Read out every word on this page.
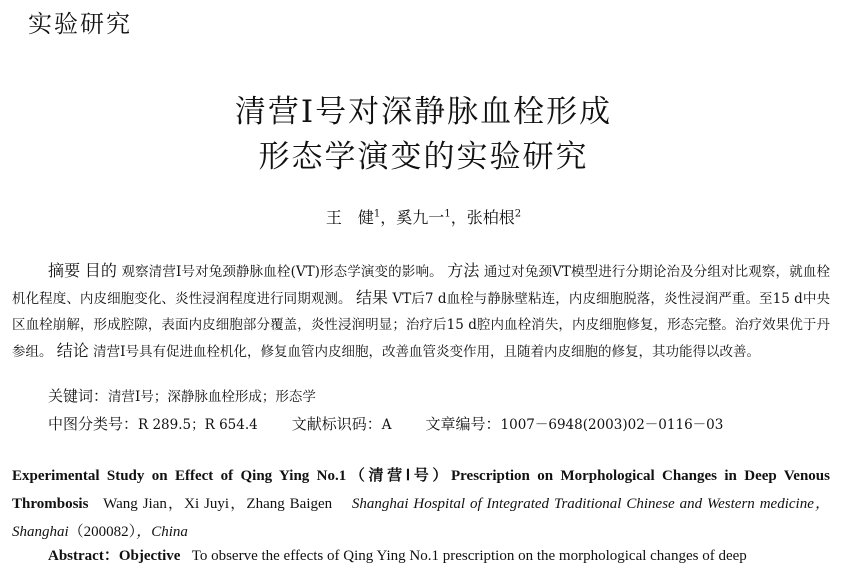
实验研究
清营Ⅰ号对深静脉血栓形成
形态学演变的实验研究
王　健$^1$，奚九一$^1$，张柏根$^2$
摘要 目的 观察清营Ⅰ号对兔颈静脉血栓(VT)形态学演变的影响。 方法 通过对兔颈VT模型进行分期论治及分组对比观察，就血栓机化程度、内皮细胞变化、炎性浸润程度进行同期观测。 结果 VT后7 d血栓与静脉壁粘连，内皮细胞脱落，炎性浸润严重。至15 d中央区血栓崩解，形成腔隙，表面内皮细胞部分覆盖，炎性浸润明显；治疗后15 d腔内血栓消失，内皮细胞修复，形态完整。治疗效果优于丹参组。 结论 清营Ⅰ号具有促进血栓机化，修复血管内皮细胞，改善血管炎变作用，且随着内皮细胞的修复，其功能得以改善。
关键词：清营Ⅰ号；深静脉血栓形成；形态学
中图分类号：R 289.5；R 654.4 文献标识码：A 文章编号：1007－6948(2003)02－0116－03
Experimental Study on Effect of Qing Ying No.1（清营Ⅰ号）Prescription on Morphological Changes in Deep Venous Thrombosis Wang Jian，Xi Juyi，Zhang Baigen Shanghai Hospital of Integrated Traditional Chinese and Western medicine，Shanghai（200082），China
Abstract：Objective To observe the effects of Qing Ying No.1 prescription on the morphological changes of deep
